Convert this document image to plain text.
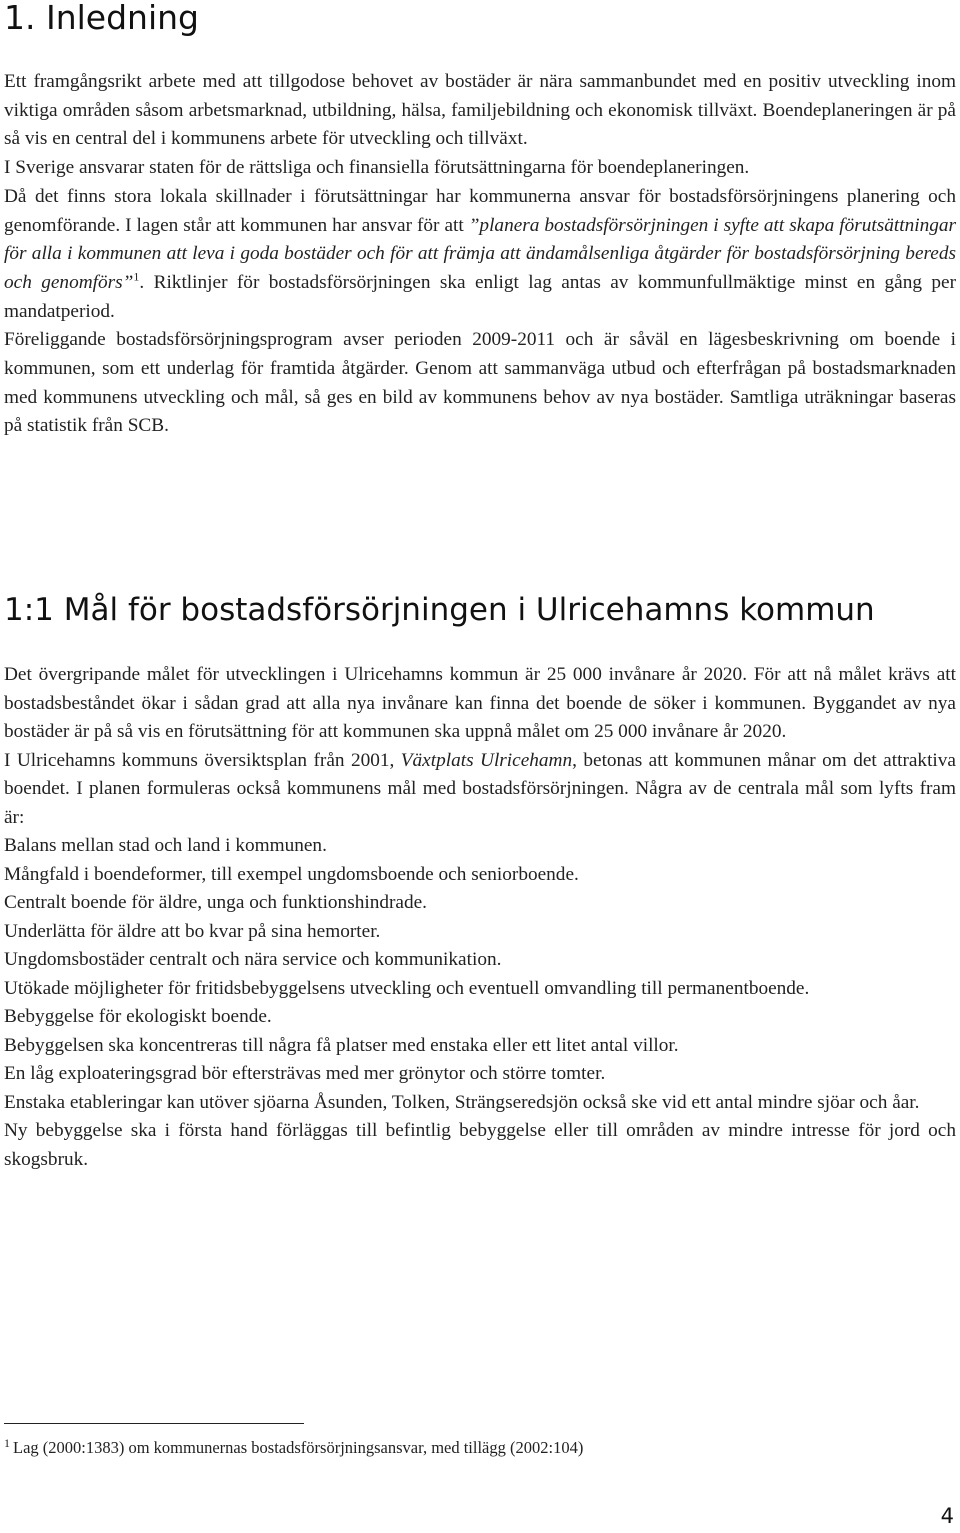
1. Inledning

Ett framgångsrikt arbete med att tillgodose behovet av bostäder är nära sammanbundet med en positiv utveckling inom viktiga områden såsom arbetsmarknad, utbildning, hälsa, familjebildning och ekonomisk tillväxt. Boendeplaneringen är på så vis en central del i kommunens arbete för utveckling och tillväxt.

I Sverige ansvarar staten för de rättsliga och finansiella förutsättningarna för boendeplaneringen.

Då det finns stora lokala skillnader i förutsättningar har kommunerna ansvar för bostadsförsörjningens planering och genomförande. I lagen står att kommunen har ansvar för att ”planera bostadsförsörjningen i syfte att skapa förutsättningar för alla i kommunen att leva i goda bostäder och för att främja att ändamålsenliga åtgärder för bostadsförsörjning bereds och genomförs”$^1$. Riktlinjer för bostadsförsörjningen ska enligt lag antas av kommunfullmäktige minst en gång per mandatperiod.

Föreliggande bostadsförsörjningsprogram avser perioden 2009-2011 och är såväl en lägesbeskrivning om boende i kommunen, som ett underlag för framtida åtgärder. Genom att sammanväga utbud och efterfrågan på bostadsmarknaden med kommunens utveckling och mål, så ges en bild av kommunens behov av nya bostäder. Samtliga uträkningar baseras på statistik från SCB.

1:1 Mål för bostadsförsörjningen i Ulricehamns kommun

Det övergripande målet för utvecklingen i Ulricehamns kommun är 25 000 invånare år 2020. För att nå målet krävs att bostadsbeståndet ökar i sådan grad att alla nya invånare kan finna det boende de söker i kommunen. Byggandet av nya bostäder är på så vis en förutsättning för att kommunen ska uppnå målet om 25 000 invånare år 2020.

I Ulricehamns kommuns översiktsplan från 2001, Växtplats Ulricehamn, betonas att kommunen månar om det attraktiva boendet. I planen formuleras också kommunens mål med bostadsförsörjningen. Några av de centrala mål som lyfts fram är:

Balans mellan stad och land i kommunen.

Mångfald i boendeformer, till exempel ungdomsboende och seniorboende.

Centralt boende för äldre, unga och funktionshindrade.

Underlätta för äldre att bo kvar på sina hemorter.

Ungdomsbostäder centralt och nära service och kommunikation.

Utökade möjligheter för fritidsbebyggelsens utveckling och eventuell omvandling till permanentboende.

Bebyggelse för ekologiskt boende.

Bebyggelsen ska koncentreras till några få platser med enstaka eller ett litet antal villor.

En låg exploateringsgrad bör eftersträvas med mer grönytor och större tomter.

Enstaka etableringar kan utöver sjöarna Åsunden, Tolken, Strängseredsjön också ske vid ett antal mindre sjöar och åar.

Ny bebyggelse ska i första hand förläggas till befintlig bebyggelse eller till områden av mindre intresse för jord och skogsbruk.

$^1$ Lag (2000:1383) om kommunernas bostadsförsörjningsansvar, med tillägg (2002:104)
4
